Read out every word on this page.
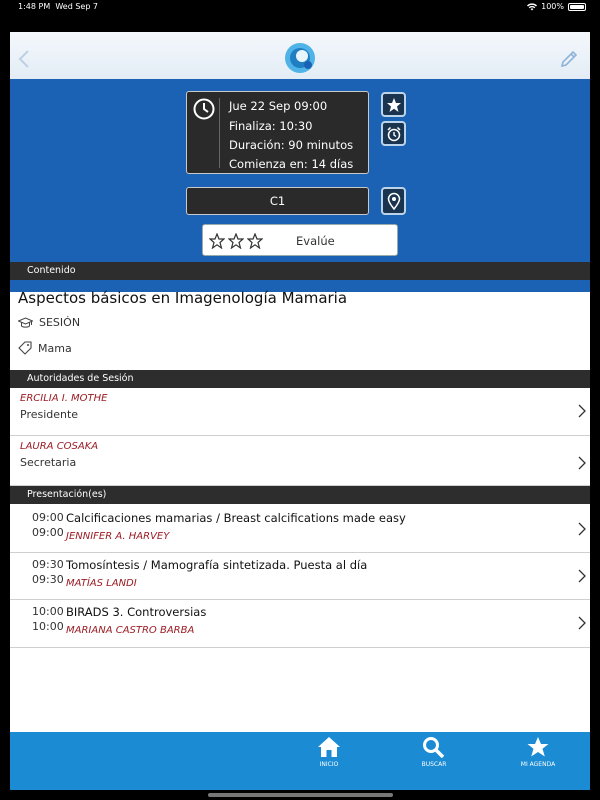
1:48 PM Wed Sep 7	100%
Jue 22 Sep 09:00
Finaliza: 10:30
Duración: 90 minutos
Comienza en: 14 días
C1
Evalúe
Contenido
Aspectos básicos en Imagenología Mamaria
SESIÓN
Mama
Autoridades de Sesión
ERCILIA I. MOTHE
Presidente
LAURA COSAKA
Secretaria
Presentación(es)
09:00
09:00
Calcificaciones mamarias / Breast calcifications made easy
JENNIFER A. HARVEY
09:30
09:30
Tomosíntesis / Mamografía sintetizada. Puesta al día
MATÍAS LANDI
10:00
10:00
BIRADS 3. Controversias
MARIANA CASTRO BARBA
INICIO	BUSCAR	MI AGENDA
